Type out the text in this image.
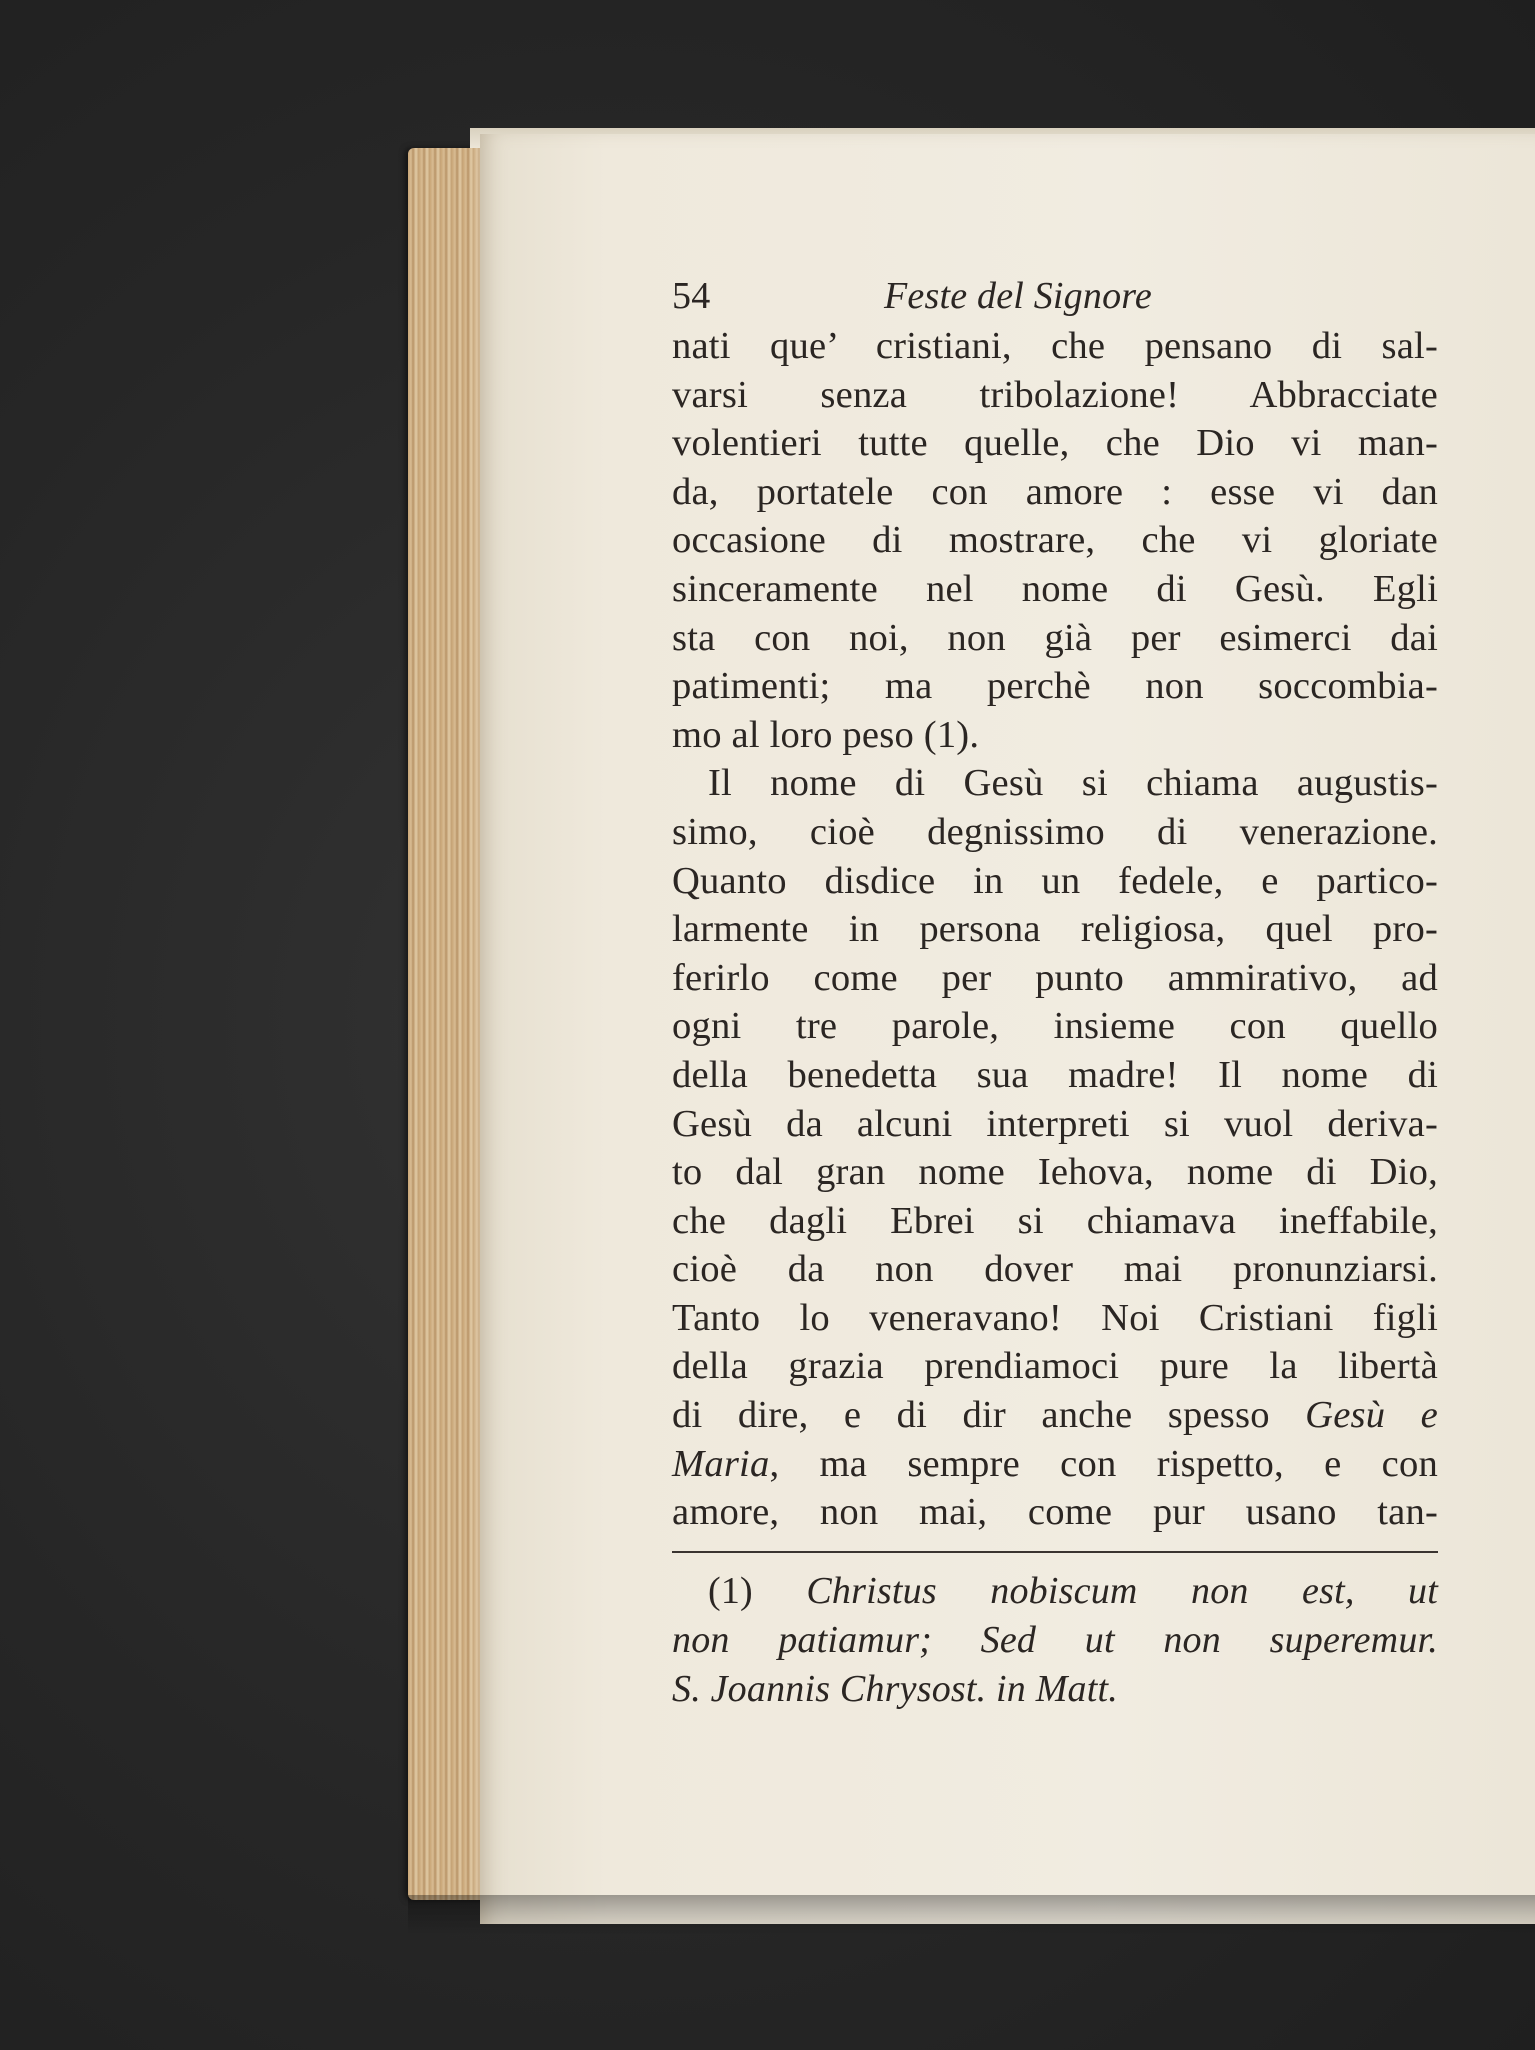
54	Feste del Signore
nati que’ cristiani, che pensano di sal-
varsi senza tribolazione! Abbracciate
volentieri tutte quelle, che Dio vi man-
da, portatele con amore : esse vi dan
occasione di mostrare, che vi gloriate
sinceramente nel nome di Gesù. Egli
sta con noi, non già per esimerci dai
patimenti; ma perchè non soccombia-
mo al loro peso (1).
Il nome di Gesù si chiama augustis-
simo, cioè degnissimo di venerazione.
Quanto disdice in un fedele, e partico-
larmente in persona religiosa, quel pro-
ferirlo come per punto ammirativo, ad
ogni tre parole, insieme con quello
della benedetta sua madre! Il nome di
Gesù da alcuni interpreti si vuol deriva-
to dal gran nome Iehova, nome di Dio,
che dagli Ebrei si chiamava ineffabile,
cioè da non dover mai pronunziarsi.
Tanto lo veneravano! Noi Cristiani figli
della grazia prendiamoci pure la libertà
di dire, e di dir anche spesso Gesù e
Maria, ma sempre con rispetto, e con
amore, non mai, come pur usano tan-
(1) Christus nobiscum non est, ut
non patiamur; Sed ut non superemur.
S. Joannis Chrysost. in Matt.
